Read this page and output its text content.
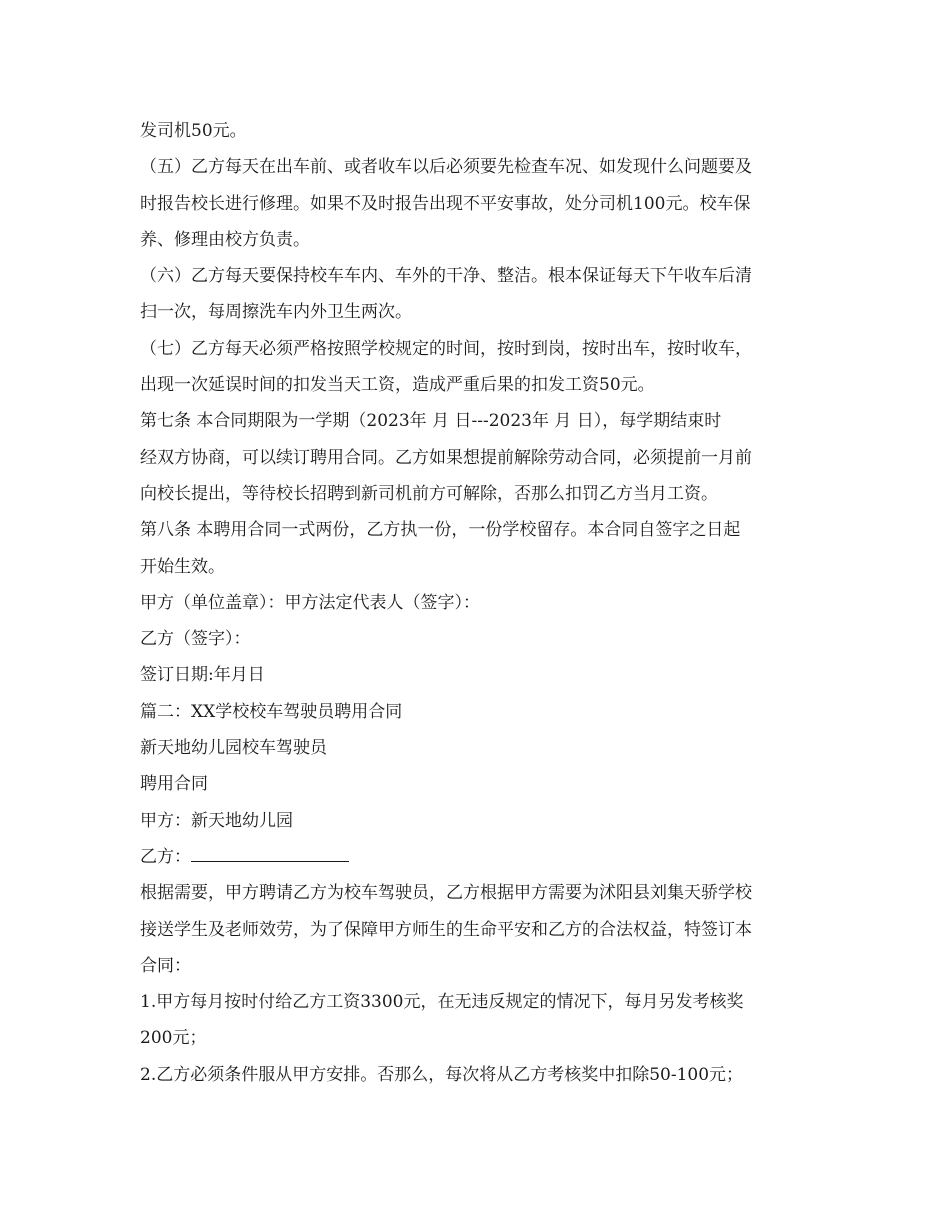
发司机50元。
（五）乙方每天在出车前、或者收车以后必须要先检查车况、如发现什么问题要及
时报告校长进行修理。如果不及时报告出现不平安事故，处分司机100元。校车保
养、修理由校方负责。
（六）乙方每天要保持校车车内、车外的干净、整洁。根本保证每天下午收车后清
扫一次，每周擦洗车内外卫生两次。
（七）乙方每天必须严格按照学校规定的时间，按时到岗，按时出车，按时收车，
出现一次延误时间的扣发当天工资，造成严重后果的扣发工资50元。
第七条 本合同期限为一学期（2023年 月 日---2023年 月 日），每学期结束时
经双方协商，可以续订聘用合同。乙方如果想提前解除劳动合同，必须提前一月前
向校长提出，等待校长招聘到新司机前方可解除，否那么扣罚乙方当月工资。
第八条 本聘用合同一式两份，乙方执一份，一份学校留存。本合同自签字之日起
开始生效。
甲方（单位盖章）：甲方法定代表人（签字）：
乙方（签字）：
签订日期:年月日
篇二：XX学校校车驾驶员聘用合同
新天地幼儿园校车驾驶员
聘用合同
甲方：新天地幼儿园
乙方：
根据需要，甲方聘请乙方为校车驾驶员，乙方根据甲方需要为沭阳县刘集天骄学校
接送学生及老师效劳，为了保障甲方师生的生命平安和乙方的合法权益，特签订本
合同：
1.甲方每月按时付给乙方工资3300元，在无违反规定的情况下，每月另发考核奖
200元；
2.乙方必须条件服从甲方安排。否那么，每次将从乙方考核奖中扣除50-100元；
